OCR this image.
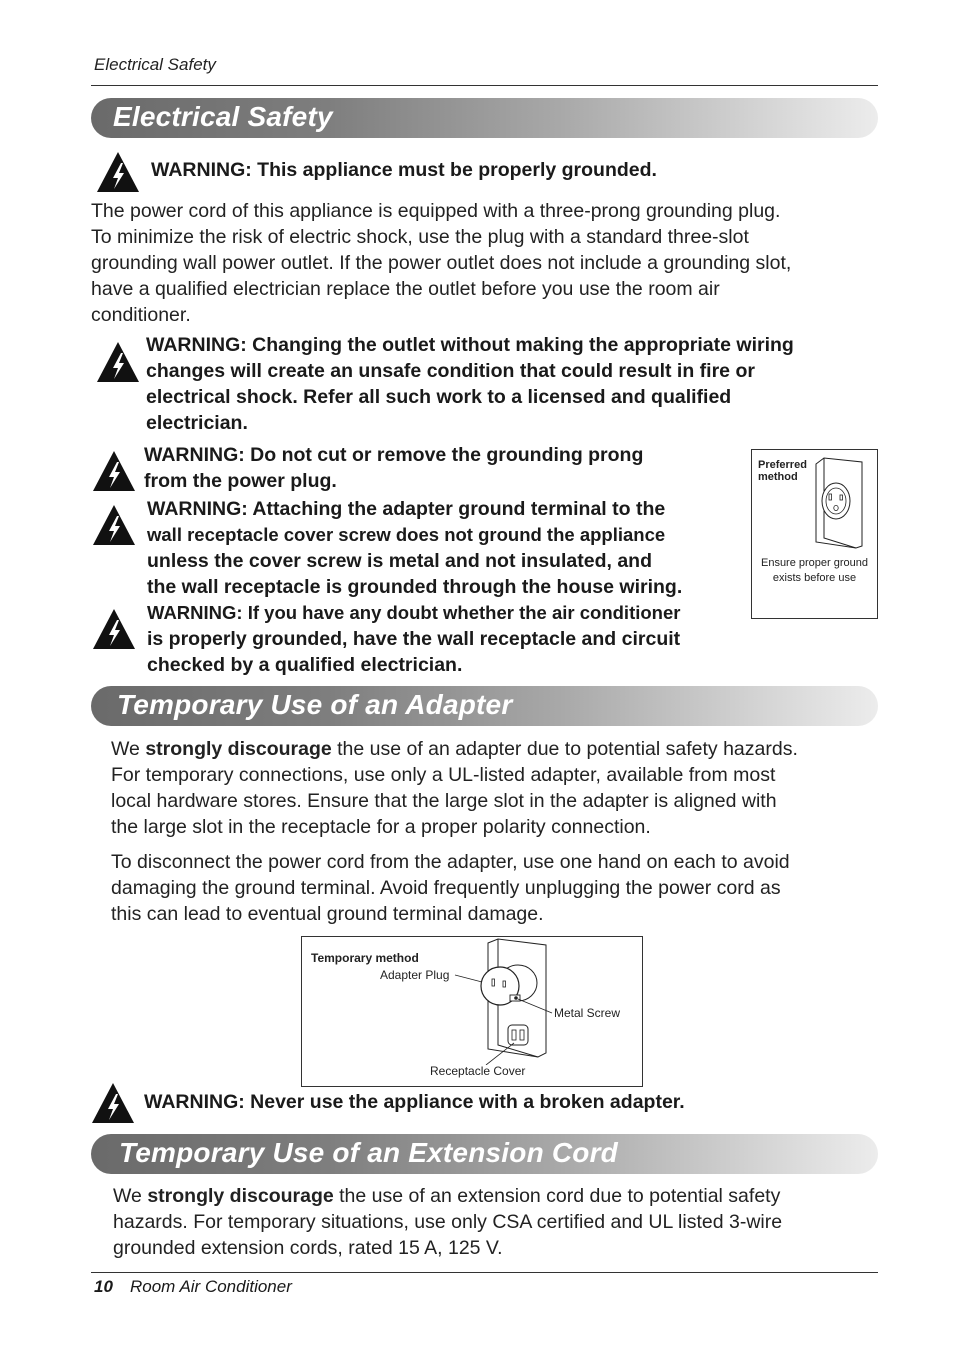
Electrical Safety
Electrical Safety
WARNING: This appliance must be properly grounded.
The power cord of this appliance is equipped with a three-prong grounding plug.
To minimize the risk of electric shock, use the plug with a standard three-slot
grounding wall power outlet. If the power outlet does not include a grounding slot,
have a qualified electrician replace the outlet before you use the room air
conditioner.
WARNING: Changing the outlet without making the appropriate wiring
changes will create an unsafe condition that could result in fire or
electrical shock. Refer all such work to a licensed and qualified
electrician.
WARNING: Do not cut or remove the grounding prong
from the power plug.
WARNING: Attaching the adapter ground terminal to the
wall receptacle cover screw does not ground the appliance
unless the cover screw is metal and not insulated, and
the wall receptacle is grounded through the house wiring.
WARNING: If you have any doubt whether the air conditioner
is properly grounded, have the wall receptacle and circuit
checked by a qualified electrician.
Preferred
method
Ensure proper ground
exists before use
Temporary Use of an Adapter
We strongly discourage the use of an adapter due to potential safety hazards.
For temporary connections, use only a UL-listed adapter, available from most
local hardware stores. Ensure that the large slot in the adapter is aligned with
the large slot in the receptacle for a proper polarity connection.
To disconnect the power cord from the adapter, use one hand on each to avoid
damaging the ground terminal. Avoid frequently unplugging the power cord as
this can lead to eventual ground terminal damage.
Temporary method
Adapter Plug
Metal Screw
Receptacle Cover
WARNING: Never use the appliance with a broken adapter.
Temporary Use of an Extension Cord
We strongly discourage the use of an extension cord due to potential safety
hazards. For temporary situations, use only CSA certified and UL listed 3-wire
grounded extension cords, rated 15 A, 125 V.
10 Room Air Conditioner
